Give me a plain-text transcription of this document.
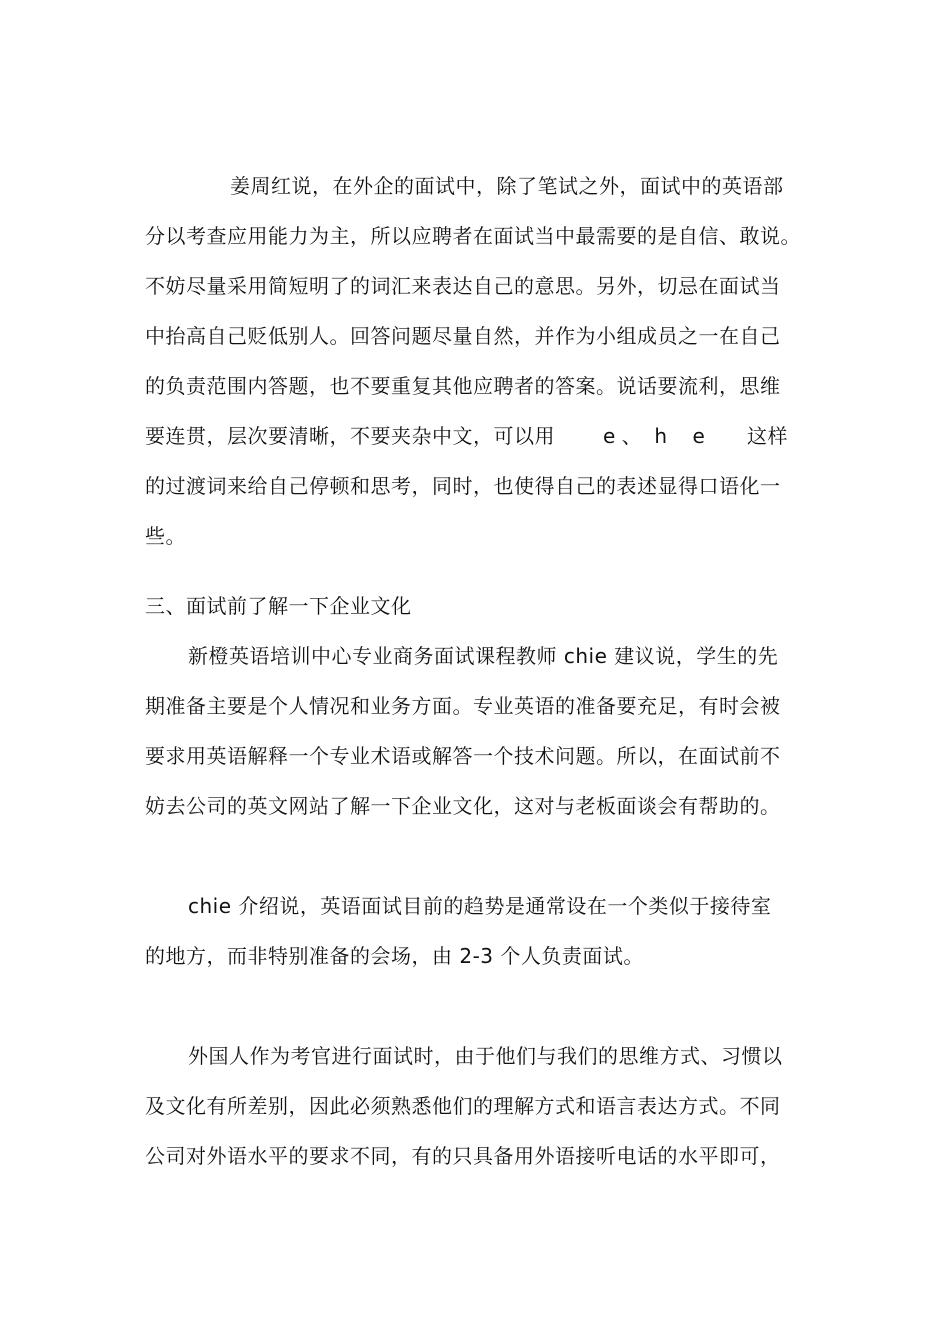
姜周红说，在外企的面试中，除了笔试之外，面试中的英语部
分以考查应用能力为主，所以应聘者在面试当中最需要的是自信、敢说。
不妨尽量采用简短明了的词汇来表达自己的意思。另外，切忌在面试当
中抬高自己贬低别人。回答问题尽量自然，并作为小组成员之一在自己
的负责范围内答题，也不要重复其他应聘者的答案。说话要流利，思维
要连贯，层次要清晰，不要夹杂中文，可以用 e 、  h    e 这样
的过渡词来给自己停顿和思考，同时，也使得自己的表述显得口语化一
些。
三、面试前了解一下企业文化
新橙英语培训中心专业商务面试课程教师 chie 建议说，学生的先
期准备主要是个人情况和业务方面。专业英语的准备要充足，有时会被
要求用英语解释一个专业术语或解答一个技术问题。所以，在面试前不
妨去公司的英文网站了解一下企业文化，这对与老板面谈会有帮助的。
chie 介绍说，英语面试目前的趋势是通常设在一个类似于接待室
的地方，而非特别准备的会场，由 2-3 个人负责面试。
外国人作为考官进行面试时，由于他们与我们的思维方式、习惯以
及文化有所差别，因此必须熟悉他们的理解方式和语言表达方式。不同
公司对外语水平的要求不同，有的只具备用外语接听电话的水平即可，
